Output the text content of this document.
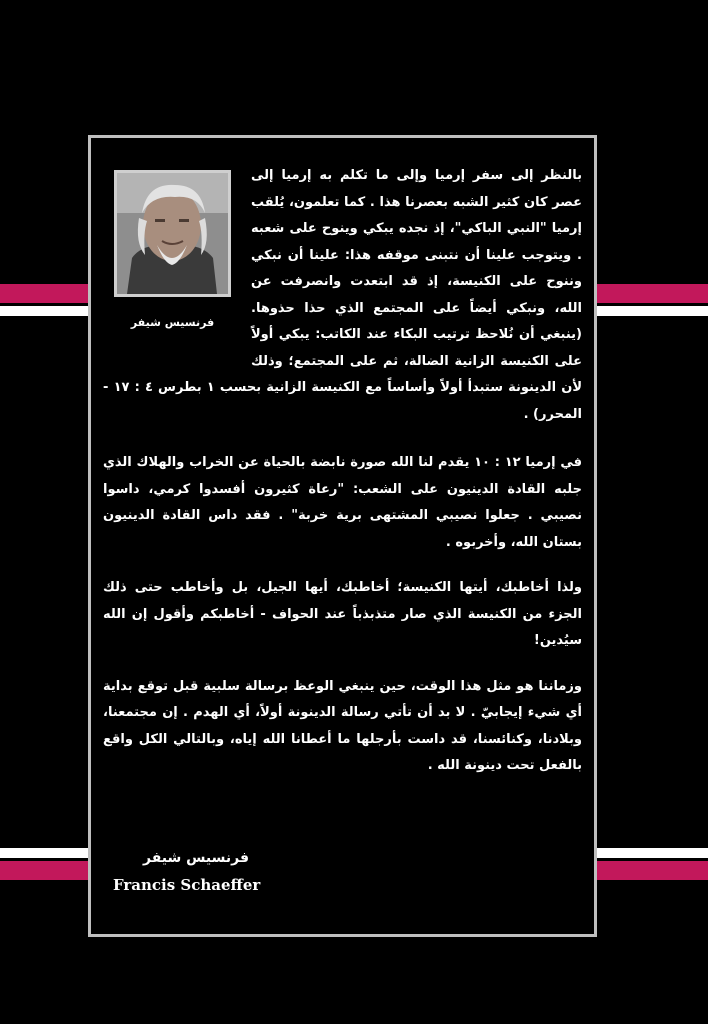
فرنسيس شيفر

بالنظر إلى سفر إرميا وإلى ما تكلم به إرميا إلى عصر كان كثير الشبه بعصرنا هذا . كما تعلمون، يُلقب إرميا "النبي الباكي"، إذ نجده يبكي وينوح على شعبه . ويتوجب علينا أن نتبنى موقفه هذا: علينا أن نبكي وننوح على الكنيسة، إذ قد ابتعدت وانصرفت عن الله، ونبكي أيضاً على المجتمع الذي حذا حذوها. (ينبغي أن نُلاحظ ترتيب البكاء عند الكاتب: يبكي أولاً على الكنيسة الزانية الضالة، ثم على المجتمع؛ وذلك لأن الدينونة ستبدأ أولاً وأساساً مع الكنيسة الزانية بحسب ١ بطرس ٤ : ١٧ - المحرر) .

في إرميا ١٢ : ١٠ يقدم لنا الله صورة نابضة بالحياة عن الخراب والهلاك الذي جلبه القادة الدينيون على الشعب: "رعاة كثيرون أفسدوا كرمي، داسوا نصيبي . جعلوا نصيبي المشتهى برية خربة" . فقد داس القادة الدينيون بستان الله، وأخربوه .

ولذا أخاطبك، أيتها الكنيسة؛ أخاطبك، أيها الجيل، بل وأخاطب حتى ذلك الجزء من الكنيسة الذي صار متذبذباً عند الحواف - أخاطبكم وأقول إن الله سيُدين!

وزماننا هو مثل هذا الوقت، حين ينبغي الوعظ برسالة سلبية قبل توقع بداية أي شيء إيجابيّ . لا بد أن تأتي رسالة الدينونة أولاً، أي الهدم . إن مجتمعنا، وبلادنا، وكنائسنا، قد داست بأرجلها ما أعطانا الله إياه، وبالتالي الكل واقع بالفعل تحت دينونة الله .

فرنسيس شيفر
Francis Schaeffer
